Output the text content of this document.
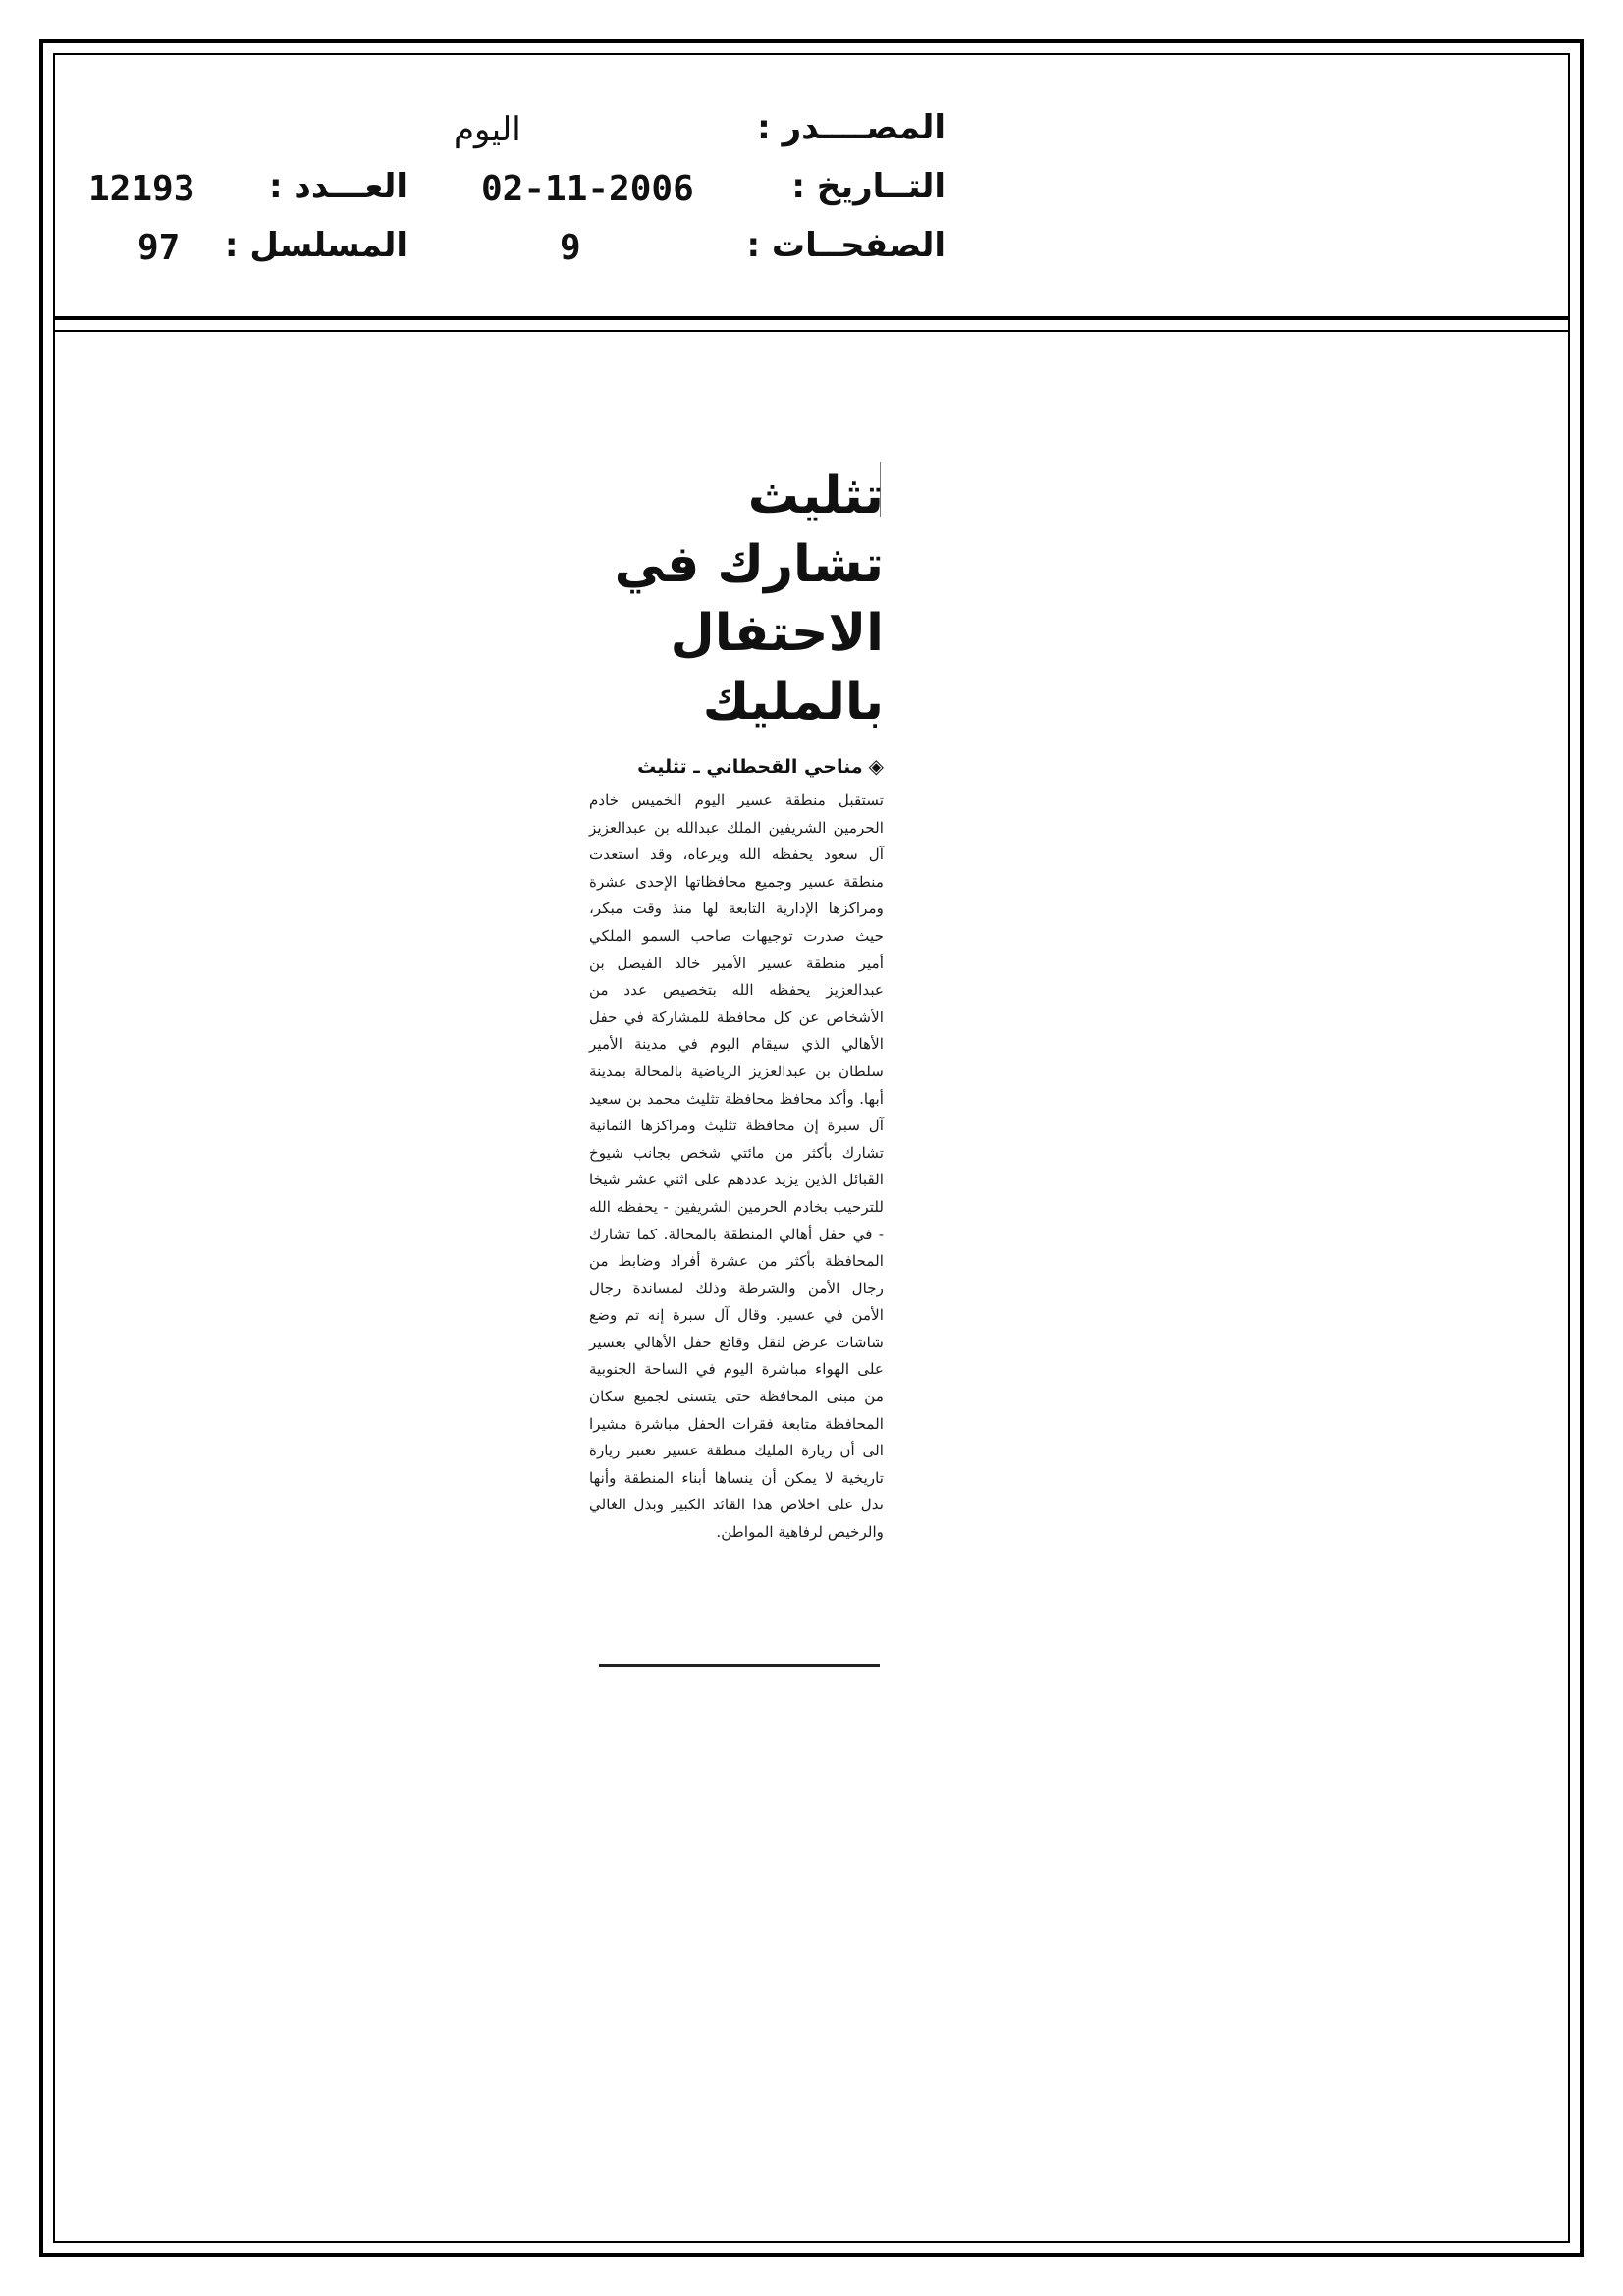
المصــــدر :
التــاريخ :
الصفحــات :
اليوم
02-11-2006
9
العـــدد :
المسلسل :
12193
97
تثليث تشارك في
الاحتفال بالمليك
◈مناحي القحطاني ـ تثليث
تستقبل منطقة عسير اليوم الخميس خادم الحرمين الشريفين الملك عبدالله بن عبدالعزيز آل سعود يحفظه الله ويرعاه، وقد استعدت منطقة عسير وجميع محافظاتها الإحدى عشرة ومراكزها الإدارية التابعة لها منذ وقت مبكر، حيث صدرت توجيهات صاحب السمو الملكي أمير منطقة عسير الأمير خالد الفيصل بن عبدالعزيز يحفظه الله بتخصيص عدد من الأشخاص عن كل محافظة للمشاركة في حفل الأهالي الذي سيقام اليوم في مدينة الأمير سلطان بن عبدالعزيز الرياضية بالمحالة بمدينة أبها. وأكد محافظ محافظة تثليث محمد بن سعيد آل سبرة إن محافظة تثليث ومراكزها الثمانية تشارك بأكثر من مائتي شخص بجانب شيوخ القبائل الذين يزيد عددهم على اثني عشر شيخا للترحيب بخادم الحرمين الشريفين - يحفظه الله - في حفل أهالي المنطقة بالمحالة. كما تشارك المحافظة بأكثر من عشرة أفراد وضابط من رجال الأمن والشرطة وذلك لمساندة رجال الأمن في عسير. وقال آل سبرة إنه تم وضع شاشات عرض لنقل وقائع حفل الأهالي بعسير على الهواء مباشرة اليوم في الساحة الجنوبية من مبنى المحافظة حتى يتسنى لجميع سكان المحافظة متابعة فقرات الحفل مباشرة مشيرا الى أن زيارة المليك منطقة عسير تعتبر زيارة تاريخية لا يمكن أن ينساها أبناء المنطقة وأنها تدل على اخلاص هذا القائد الكبير وبذل الغالي والرخيص لرفاهية المواطن.
